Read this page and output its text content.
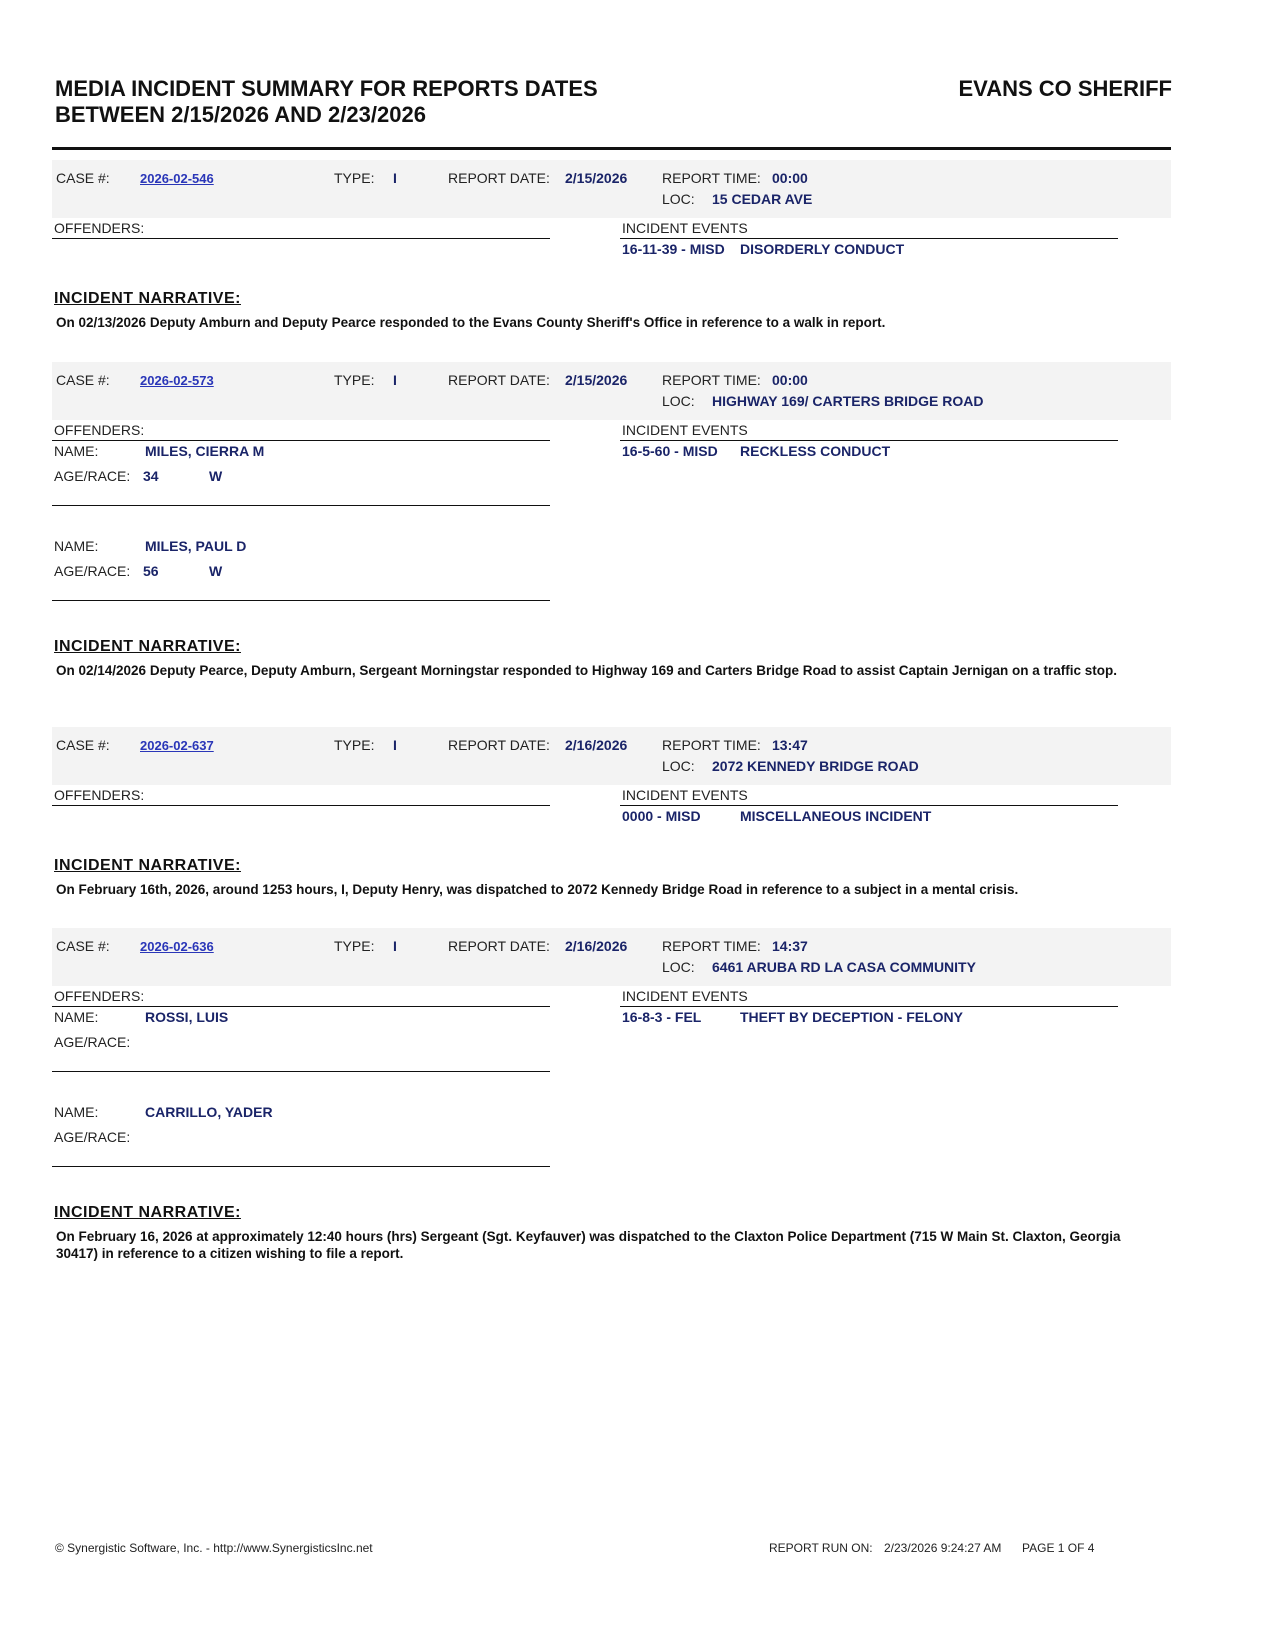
MEDIA INCIDENT SUMMARY FOR REPORTS DATES
BETWEEN 2/15/2026 AND 2/23/2026
EVANS CO SHERIFF
CASE #: 2026-02-546	TYPE: I	REPORT DATE: 2/15/2026 REPORT TIME: 00:00
LOC: 15 CEDAR AVE
OFFENDERS:	INCIDENT EVENTS
16-11-39 - MISD DISORDERLY CONDUCT
INCIDENT NARRATIVE:
On 02/13/2026 Deputy Amburn and Deputy Pearce responded to the Evans County Sheriff's Office in reference to a walk in report.
CASE #: 2026-02-573	TYPE: I	REPORT DATE: 2/15/2026 REPORT TIME: 00:00
LOC: HIGHWAY 169/ CARTERS BRIDGE ROAD
OFFENDERS:
NAME:	MILES, CIERRA M
AGE/RACE: 34	W
NAME:	MILES, PAUL D
AGE/RACE: 56	W
INCIDENT EVENTS
16-5-60 - MISD RECKLESS CONDUCT
INCIDENT NARRATIVE:
On 02/14/2026 Deputy Pearce, Deputy Amburn, Sergeant Morningstar responded to Highway 169 and Carters Bridge Road to assist Captain Jernigan on a traffic stop.
CASE #: 2026-02-637	TYPE: I	REPORT DATE: 2/16/2026 REPORT TIME: 13:47
LOC: 2072 KENNEDY BRIDGE ROAD
OFFENDERS:	INCIDENT EVENTS
0000 - MISD	MISCELLANEOUS INCIDENT
INCIDENT NARRATIVE:
On February 16th, 2026, around 1253 hours, I, Deputy Henry, was dispatched to 2072 Kennedy Bridge Road in reference to a subject in a mental crisis.
CASE #: 2026-02-636	TYPE: I	REPORT DATE: 2/16/2026 REPORT TIME: 14:37
LOC: 6461 ARUBA RD LA CASA COMMUNITY
OFFENDERS:
NAME:	ROSSI, LUIS
AGE/RACE:
NAME:	CARRILLO, YADER
AGE/RACE:
INCIDENT EVENTS
16-8-3 - FEL	THEFT BY DECEPTION - FELONY
INCIDENT NARRATIVE:
On February 16, 2026 at approximately 12:40 hours (hrs) Sergeant (Sgt. Keyfauver) was dispatched to the Claxton Police Department (715 W Main St. Claxton, Georgia 30417) in reference to a citizen wishing to file a report.
© Synergistic Software, Inc. - http://www.SynergisticsInc.net	REPORT RUN ON: 2/23/2026 9:24:27 AM PAGE 1 OF 4
